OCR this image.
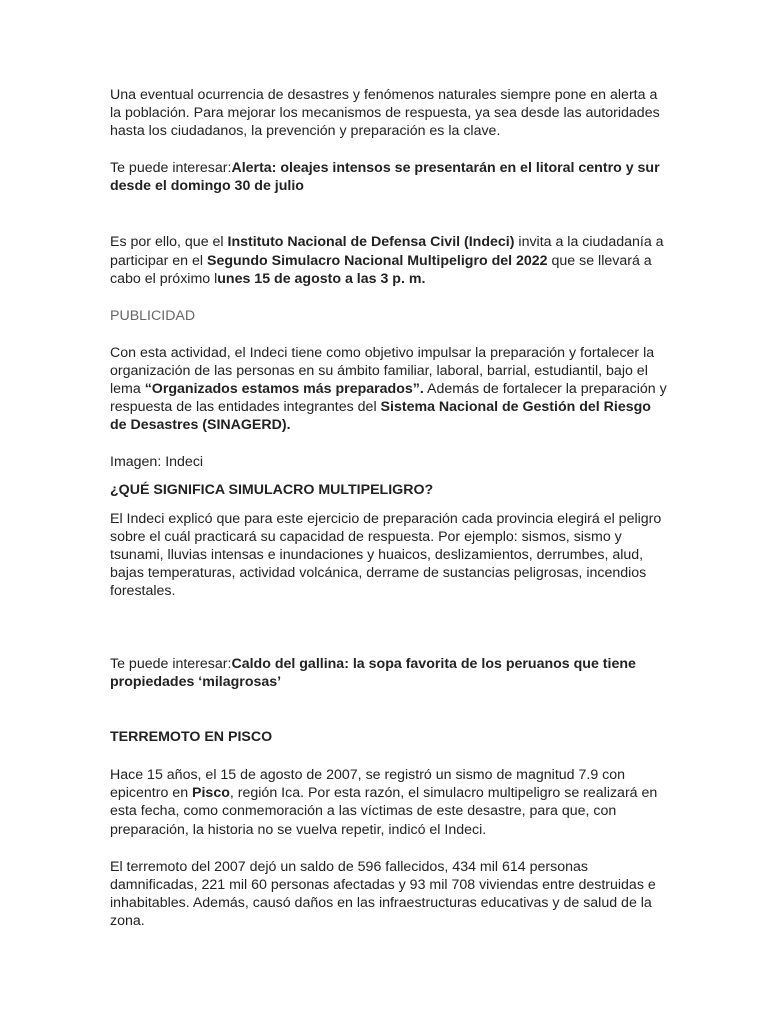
Una eventual ocurrencia de desastres y fenómenos naturales siempre pone en alerta a la población. Para mejorar los mecanismos de respuesta, ya sea desde las autoridades hasta los ciudadanos, la prevención y preparación es la clave.

Te puede interesar:Alerta: oleajes intensos se presentarán en el litoral centro y sur desde el domingo 30 de julio

Es por ello, que el Instituto Nacional de Defensa Civil (Indeci) invita a la ciudadanía a participar en el Segundo Simulacro Nacional Multipeligro del 2022 que se llevará a cabo el próximo lunes 15 de agosto a las 3 p. m.

PUBLICIDAD

Con esta actividad, el Indeci tiene como objetivo impulsar la preparación y fortalecer la organización de las personas en su ámbito familiar, laboral, barrial, estudiantil, bajo el lema “Organizados estamos más preparados”. Además de fortalecer la preparación y respuesta de las entidades integrantes del Sistema Nacional de Gestión del Riesgo de Desastres (SINAGERD).

Imagen: Indeci

¿QUÉ SIGNIFICA SIMULACRO MULTIPELIGRO?

El Indeci explicó que para este ejercicio de preparación cada provincia elegirá el peligro sobre el cuál practicará su capacidad de respuesta. Por ejemplo: sismos, sismo y tsunami, lluvias intensas e inundaciones y huaicos, deslizamientos, derrumbes, alud, bajas temperaturas, actividad volcánica, derrame de sustancias peligrosas, incendios forestales.

Te puede interesar:Caldo del gallina: la sopa favorita de los peruanos que tiene propiedades ‘milagrosas’

TERREMOTO EN PISCO

Hace 15 años, el 15 de agosto de 2007, se registró un sismo de magnitud 7.9 con epicentro en Pisco, región Ica. Por esta razón, el simulacro multipeligro se realizará en esta fecha, como conmemoración a las víctimas de este desastre, para que, con preparación, la historia no se vuelva repetir, indicó el Indeci.

El terremoto del 2007 dejó un saldo de 596 fallecidos, 434 mil 614 personas damnificadas, 221 mil 60 personas afectadas y 93 mil 708 viviendas entre destruidas e inhabitables. Además, causó daños en las infraestructuras educativas y de salud de la zona.
